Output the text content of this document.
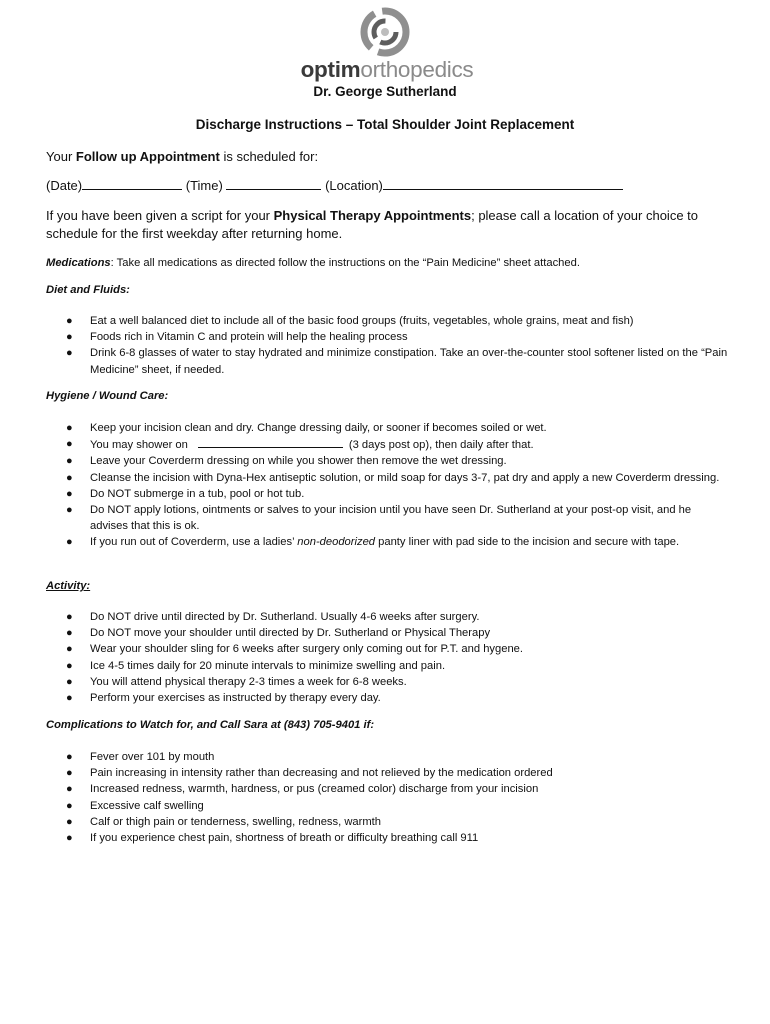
optimorthopedics
Dr. George Sutherland
Discharge Instructions – Total Shoulder Joint Replacement
Your Follow up Appointment is scheduled for:
(Date)	(Time)	(Location)
If you have been given a script for your Physical Therapy Appointments; please call a location of your choice to schedule for the first weekday after returning home.
Medications: Take all medications as directed follow the instructions on the “Pain Medicine” sheet attached.
Diet and Fluids:
● Eat a well balanced diet to include all of the basic food groups (fruits, vegetables, whole grains, meat and fish)
● Foods rich in Vitamin C and protein will help the healing process
● Drink 6-8 glasses of water to stay hydrated and minimize constipation. Take an over-the-counter stool softener listed on the “Pain Medicine” sheet, if needed.
Hygiene / Wound Care:
● Keep your incision clean and dry. Change dressing daily, or sooner if becomes soiled or wet.
● You may shower on	(3 days post op), then daily after that.
● Leave your Coverderm dressing on while you shower then remove the wet dressing.
● Cleanse the incision with Dyna-Hex antiseptic solution, or mild soap for days 3-7, pat dry and apply a new Coverderm dressing.
● Do NOT submerge in a tub, pool or hot tub.
● Do NOT apply lotions, ointments or salves to your incision until you have seen Dr. Sutherland at your post-op visit, and he advises that this is ok.
● If you run out of Coverderm, use a ladies’ non-deodorized panty liner with pad side to the incision and secure with tape.
Activity:
● Do NOT drive until directed by Dr. Sutherland. Usually 4-6 weeks after surgery.
● Do NOT move your shoulder until directed by Dr. Sutherland or Physical Therapy
● Wear your shoulder sling for 6 weeks after surgery only coming out for P.T. and hygene.
● Ice 4-5 times daily for 20 minute intervals to minimize swelling and pain.
● You will attend physical therapy 2-3 times a week for 6-8 weeks.
● Perform your exercises as instructed by therapy every day.
Complications to Watch for, and Call Sara at (843) 705-9401 if:
● Fever over 101 by mouth
● Pain increasing in intensity rather than decreasing and not relieved by the medication ordered
● Increased redness, warmth, hardness, or pus (creamed color) discharge from your incision
● Excessive calf swelling
● Calf or thigh pain or tenderness, swelling, redness, warmth
● If you experience chest pain, shortness of breath or difficulty breathing call 911
